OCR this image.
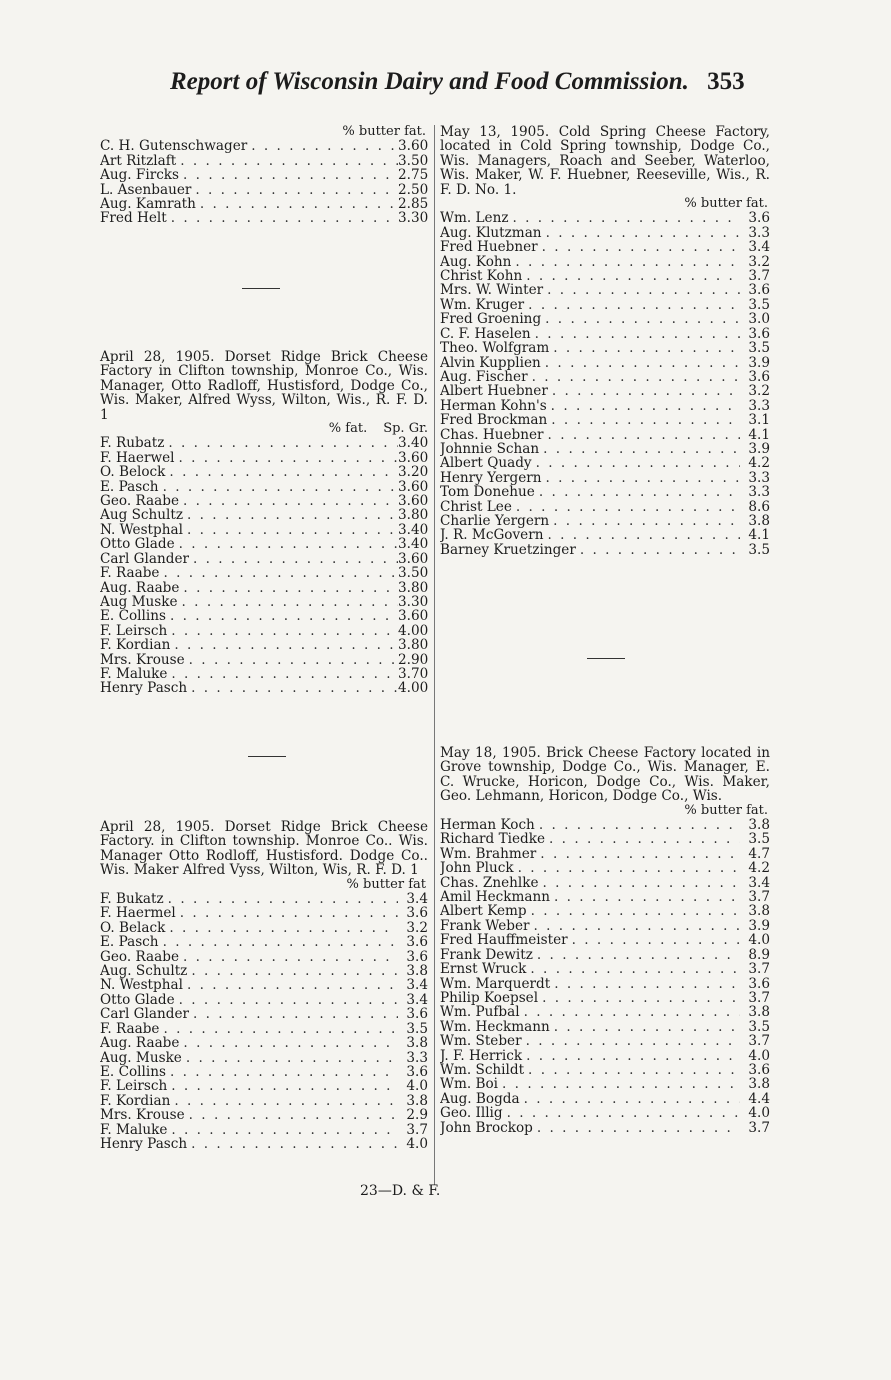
Report of Wisconsin Dairy and Food Commission. 353
% butter fat.
C. H. Gutenschwager . . .	3.60
Art Ritzlaft . . .	3.50
Aug. Fircks . . .	2.75
L. Asenbauer . . .	2.50
Aug. Kamrath . . .	2.85
Fred Helt . . .	3.30

April 28, 1905. Dorset Ridge Brick Cheese Factory in Clifton township, Monroe Co., Wis. Manager, Otto Radloff, Hustisford, Dodge Co., Wis. Maker, Alfred Wyss, Wilton, Wis., R. F. D. 1

% fat. Sp. Gr.
F. Rubatz . . .	3.40
F. Haerwel . . .	3.60
O. Belock . . .	3.20
E. Pasch . . .	3.60
Geo. Raabe . . .	3.60
Aug Schultz . . .	3.80
N. Westphal . . .	3.40
Otto Glade . . .	3.40
Carl Glander . . .	3.60
F. Raabe . . .	3.50
Aug. Raabe . . .	3.80
Aug Muske . . .	3.30
E. Collins . . .	3.60
F. Leirsch . . .	4.00
F. Kordian . . .	3.80
Mrs. Krouse . . .	2.90
F. Maluke . . .	3.70
Henry Pasch . . .	4.00

April 28, 1905. Dorset Ridge Brick Cheese Factory. in Clifton township. Monroe Co.. Wis. Manager Otto Rodloff, Hustisford. Dodge Co.. Wis. Maker Alfred Vyss, Wilton, Wis, R. F. D. 1

% butter fat
F. Bukatz . . .	3.4
F. Haermel . . .	3.6
O. Belack . . .	3.2
E. Pasch . . .	3.6
Geo. Raabe . . .	3.6
Aug. Schultz . . .	3.8
N. Westphal . . .	3.4
Otto Glade . . .	3.4
Carl Glander . . .	3.6
F. Raabe . . .	3.5
Aug. Raabe . . .	3.8
Aug. Muske . . .	3.3
E. Collins . . .	3.6
F. Leirsch . . .	4.0
F. Kordian . . .	3.8
Mrs. Krouse . . .	2.9
F. Maluke . . .	3.7
Henry Pasch . . .	4.0

May 13, 1905. Cold Spring Cheese Factory, located in Cold Spring township, Dodge Co., Wis. Managers, Roach and Seeber, Waterloo, Wis. Maker, W. F. Huebner, Reeseville, Wis., R. F. D. No. 1.

% butter fat.
Wm. Lenz . . .	3.6
Aug. Klutzman . . .	3.3
Fred Huebner . . .	3.4
Aug. Kohn . . .	3.2
Christ Kohn . . .	3.7
Mrs. W. Winter . . .	3.6
Wm. Kruger . . .	3.5
Fred Groening . . .	3.0
C. F. Haselen . . .	3.6
Theo. Wolfgram . . .	3.5
Alvin Kupplien . . .	3.9
Aug. Fischer . . .	3.6
Albert Huebner . . .	3.2
Herman Kohn's . . .	3.3
Fred Brockman . . .	3.1
Chas. Huebner . . .	4.1
Johnnie Schan . . .	3.9
Albert Quady . . .	4.2
Henry Yergern . . .	3.3
Tom Donehue . . .	3.3
Christ Lee . . .	8.6
Charlie Yergern . . .	3.8
J. R. McGovern . . .	4.1
Barney Kruetzinger . . .	3.5

May 18, 1905. Brick Cheese Factory located in Grove township, Dodge Co., Wis. Manager, E. C. Wrucke, Horicon, Dodge Co., Wis. Maker, Geo. Lehmann, Horicon, Dodge Co., Wis.

% butter fat.
Herman Koch . . .	3.8
Richard Tiedke . . .	3.5
Wm. Brahmer . . .	4.7
John Pluck . . .	4.2
Chas. Znehlke . . .	3.4
Amil Heckmann . . .	3.7
Albert Kemp . . .	3.8
Frank Weber . . .	3.9
Fred Hauffmeister . . .	4.0
Frank Dewitz . . .	8.9
Ernst Wruck . . .	3.7
Wm. Marquerdt . . .	3.6
Philip Koepsel . . .	3.7
Wm. Pufbal . . .	3.8
Wm. Heckmann . . .	3.5
Wm. Steber . . .	3.7
J. F. Herrick . . .	4.0
Wm. Schildt . . .	3.6
Wm. Boi . . .	3.8
Aug. Bogda . . .	4.4
Geo. Illig . . .	4.0
John Brockop . . .	3.7
23—D. & F.
